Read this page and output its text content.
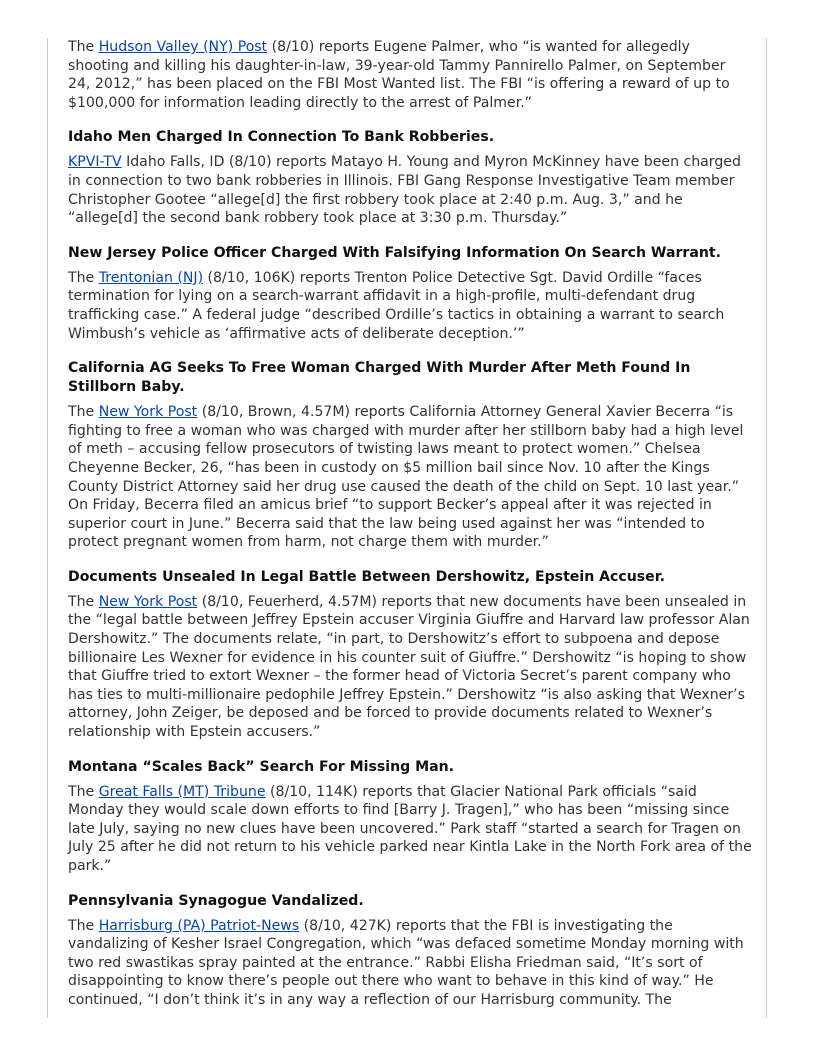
The Hudson Valley (NY) Post (8/10) reports Eugene Palmer, who “is wanted for allegedly shooting and killing his daughter-in-law, 39-year-old Tammy Pannirello Palmer, on September 24, 2012,” has been placed on the FBI Most Wanted list. The FBI “is offering a reward of up to $100,000 for information leading directly to the arrest of Palmer.”

Idaho Men Charged In Connection To Bank Robberies.

KPVI-TV Idaho Falls, ID (8/10) reports Matayo H. Young and Myron McKinney have been charged in connection to two bank robberies in Illinois. FBI Gang Response Investigative Team member Christopher Gootee “allege[d] the first robbery took place at 2:40 p.m. Aug. 3,” and he “allege[d] the second bank robbery took place at 3:30 p.m. Thursday.”

New Jersey Police Officer Charged With Falsifying Information On Search Warrant.

The Trentonian (NJ) (8/10, 106K) reports Trenton Police Detective Sgt. David Ordille “faces termination for lying on a search-warrant affidavit in a high-profile, multi-defendant drug trafficking case.” A federal judge “described Ordille’s tactics in obtaining a warrant to search Wimbush’s vehicle as ‘affirmative acts of deliberate deception.’”

California AG Seeks To Free Woman Charged With Murder After Meth Found In Stillborn Baby.

The New York Post (8/10, Brown, 4.57M) reports California Attorney General Xavier Becerra “is fighting to free a woman who was charged with murder after her stillborn baby had a high level of meth – accusing fellow prosecutors of twisting laws meant to protect women.” Chelsea Cheyenne Becker, 26, “has been in custody on $5 million bail since Nov. 10 after the Kings County District Attorney said her drug use caused the death of the child on Sept. 10 last year.” On Friday, Becerra filed an amicus brief “to support Becker’s appeal after it was rejected in superior court in June.” Becerra said that the law being used against her was “intended to protect pregnant women from harm, not charge them with murder.”

Documents Unsealed In Legal Battle Between Dershowitz, Epstein Accuser.

The New York Post (8/10, Feuerherd, 4.57M) reports that new documents have been unsealed in the “legal battle between Jeffrey Epstein accuser Virginia Giuffre and Harvard law professor Alan Dershowitz.” The documents relate, “in part, to Dershowitz’s effort to subpoena and depose billionaire Les Wexner for evidence in his counter suit of Giuffre.” Dershowitz “is hoping to show that Giuffre tried to extort Wexner – the former head of Victoria Secret’s parent company who has ties to multi-millionaire pedophile Jeffrey Epstein.” Dershowitz “is also asking that Wexner’s attorney, John Zeiger, be deposed and be forced to provide documents related to Wexner’s relationship with Epstein accusers.”

Montana “Scales Back” Search For Missing Man.

The Great Falls (MT) Tribune (8/10, 114K) reports that Glacier National Park officials “said Monday they would scale down efforts to find [Barry J. Tragen],” who has been “missing since late July, saying no new clues have been uncovered.” Park staff “started a search for Tragen on July 25 after he did not return to his vehicle parked near Kintla Lake in the North Fork area of the park.”

Pennsylvania Synagogue Vandalized.

The Harrisburg (PA) Patriot-News (8/10, 427K) reports that the FBI is investigating the vandalizing of Kesher Israel Congregation, which “was defaced sometime Monday morning with two red swastikas spray painted at the entrance.” Rabbi Elisha Friedman said, “It’s sort of disappointing to know there’s people out there who want to behave in this kind of way.” He continued, “I don’t think it’s in any way a reflection of our Harrisburg community. The
